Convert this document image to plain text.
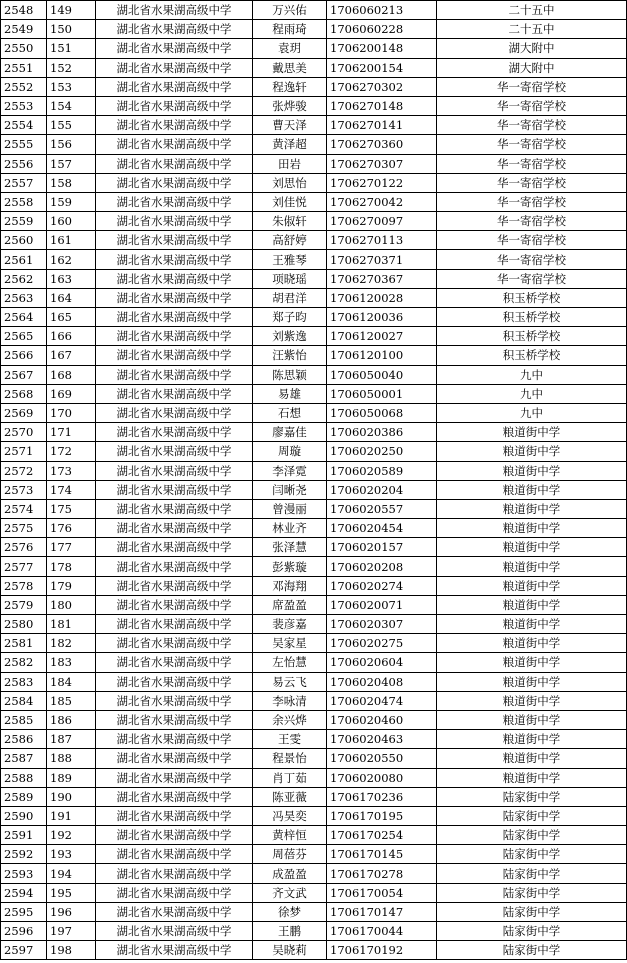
2548	149	湖北省水果湖高级中学	万兴佑	1706060213	二十五中
2549	150	湖北省水果湖高级中学	程雨琦	1706060228	二十五中
2550	151	湖北省水果湖高级中学	袁玥	1706200148	湖大附中
2551	152	湖北省水果湖高级中学	戴思美	1706200154	湖大附中
2552	153	湖北省水果湖高级中学	程逸轩	1706270302	华一寄宿学校
2553	154	湖北省水果湖高级中学	张烨骏	1706270148	华一寄宿学校
2554	155	湖北省水果湖高级中学	曹天泽	1706270141	华一寄宿学校
2555	156	湖北省水果湖高级中学	黄泽超	1706270360	华一寄宿学校
2556	157	湖北省水果湖高级中学	田岩	1706270307	华一寄宿学校
2557	158	湖北省水果湖高级中学	刘思怡	1706270122	华一寄宿学校
2558	159	湖北省水果湖高级中学	刘佳悦	1706270042	华一寄宿学校
2559	160	湖北省水果湖高级中学	朱俶轩	1706270097	华一寄宿学校
2560	161	湖北省水果湖高级中学	高舒婷	1706270113	华一寄宿学校
2561	162	湖北省水果湖高级中学	王雅琴	1706270371	华一寄宿学校
2562	163	湖北省水果湖高级中学	项晓瑶	1706270367	华一寄宿学校
2563	164	湖北省水果湖高级中学	胡君洋	1706120028	积玉桥学校
2564	165	湖北省水果湖高级中学	郑子昀	1706120036	积玉桥学校
2565	166	湖北省水果湖高级中学	刘紫逸	1706120027	积玉桥学校
2566	167	湖北省水果湖高级中学	汪紫怡	1706120100	积玉桥学校
2567	168	湖北省水果湖高级中学	陈思颖	1706050040	九中
2568	169	湖北省水果湖高级中学	易雄	1706050001	九中
2569	170	湖北省水果湖高级中学	石想	1706050068	九中
2570	171	湖北省水果湖高级中学	廖嘉佳	1706020386	粮道街中学
2571	172	湖北省水果湖高级中学	周璇	1706020250	粮道街中学
2572	173	湖北省水果湖高级中学	李泽霓	1706020589	粮道街中学
2573	174	湖北省水果湖高级中学	闫晰尧	1706020204	粮道街中学
2574	175	湖北省水果湖高级中学	曾漫丽	1706020557	粮道街中学
2575	176	湖北省水果湖高级中学	林业齐	1706020454	粮道街中学
2576	177	湖北省水果湖高级中学	张泽慧	1706020157	粮道街中学
2577	178	湖北省水果湖高级中学	彭紫璇	1706020208	粮道街中学
2578	179	湖北省水果湖高级中学	邓海翔	1706020274	粮道街中学
2579	180	湖北省水果湖高级中学	席盈盈	1706020071	粮道街中学
2580	181	湖北省水果湖高级中学	裴彦嘉	1706020307	粮道街中学
2581	182	湖北省水果湖高级中学	吴家星	1706020275	粮道街中学
2582	183	湖北省水果湖高级中学	左怡慧	1706020604	粮道街中学
2583	184	湖北省水果湖高级中学	易云飞	1706020408	粮道街中学
2584	185	湖北省水果湖高级中学	李咏清	1706020474	粮道街中学
2585	186	湖北省水果湖高级中学	余兴烨	1706020460	粮道街中学
2586	187	湖北省水果湖高级中学	王雯	1706020463	粮道街中学
2587	188	湖北省水果湖高级中学	程景怡	1706020550	粮道街中学
2588	189	湖北省水果湖高级中学	肖丁茹	1706020080	粮道街中学
2589	190	湖北省水果湖高级中学	陈亚薇	1706170236	陆家街中学
2590	191	湖北省水果湖高级中学	冯昊奕	1706170195	陆家街中学
2591	192	湖北省水果湖高级中学	黄梓恒	1706170254	陆家街中学
2592	193	湖北省水果湖高级中学	周蓓芬	1706170145	陆家街中学
2593	194	湖北省水果湖高级中学	成盈盈	1706170278	陆家街中学
2594	195	湖北省水果湖高级中学	齐文武	1706170054	陆家街中学
2595	196	湖北省水果湖高级中学	徐梦	1706170147	陆家街中学
2596	197	湖北省水果湖高级中学	王鹏	1706170044	陆家街中学
2597	198	湖北省水果湖高级中学	吴晓莉	1706170192	陆家街中学
